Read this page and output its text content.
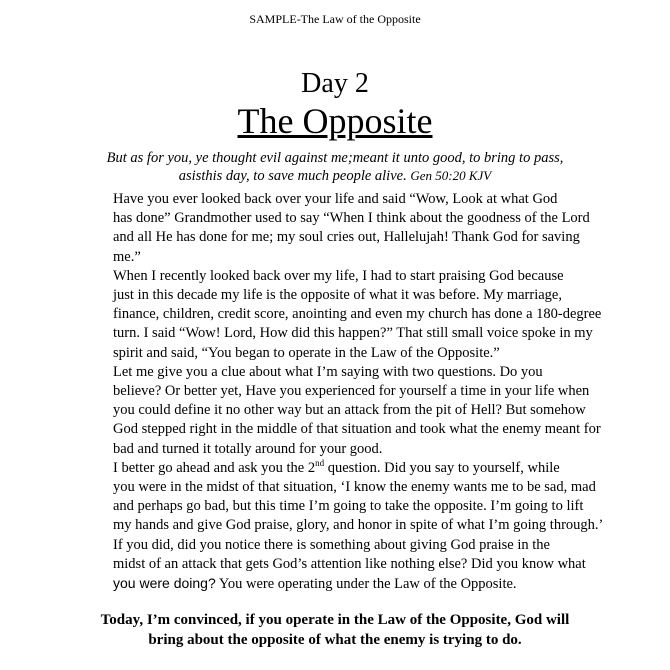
SAMPLE-The Law of the Opposite
Day 2
The Opposite
But as for you, ye thought evil against me;meant it unto good, to bring to pass,
asisthis day, to save much people alive. Gen 50:20 KJV

Have you ever looked back over your life and said “Wow, Look at what God
has done” Grandmother used to say “When I think about the goodness of the Lord
and all He has done for me; my soul cries out, Hallelujah! Thank God for saving
me.”

When I recently looked back over my life, I had to start praising God because
just in this decade my life is the opposite of what it was before. My marriage,
finance, children, credit score, anointing and even my church has done a 180-degree
turn. I said “Wow! Lord, How did this happen?” That still small voice spoke in my
spirit and said, “You began to operate in the Law of the Opposite.”

Let me give you a clue about what I’m saying with two questions. Do you
believe? Or better yet, Have you experienced for yourself a time in your life when
you could define it no other way but an attack from the pit of Hell? But somehow
God stepped right in the middle of that situation and took what the enemy meant for
bad and turned it totally around for your good.

I better go ahead and ask you the 2nd question. Did you say to yourself, while
you were in the midst of that situation, ‘I know the enemy wants me to be sad, mad
and perhaps go bad, but this time I’m going to take the opposite. I’m going to lift
my hands and give God praise, glory, and honor in spite of what I’m going through.’

If you did, did you notice there is something about giving God praise in the
midst of an attack that gets God’s attention like nothing else? Did you know what
you were doing? You were operating under the Law of the Opposite.

Today, I’m convinced, if you operate in the Law of the Opposite, God will
bring about the opposite of what the enemy is trying to do.
